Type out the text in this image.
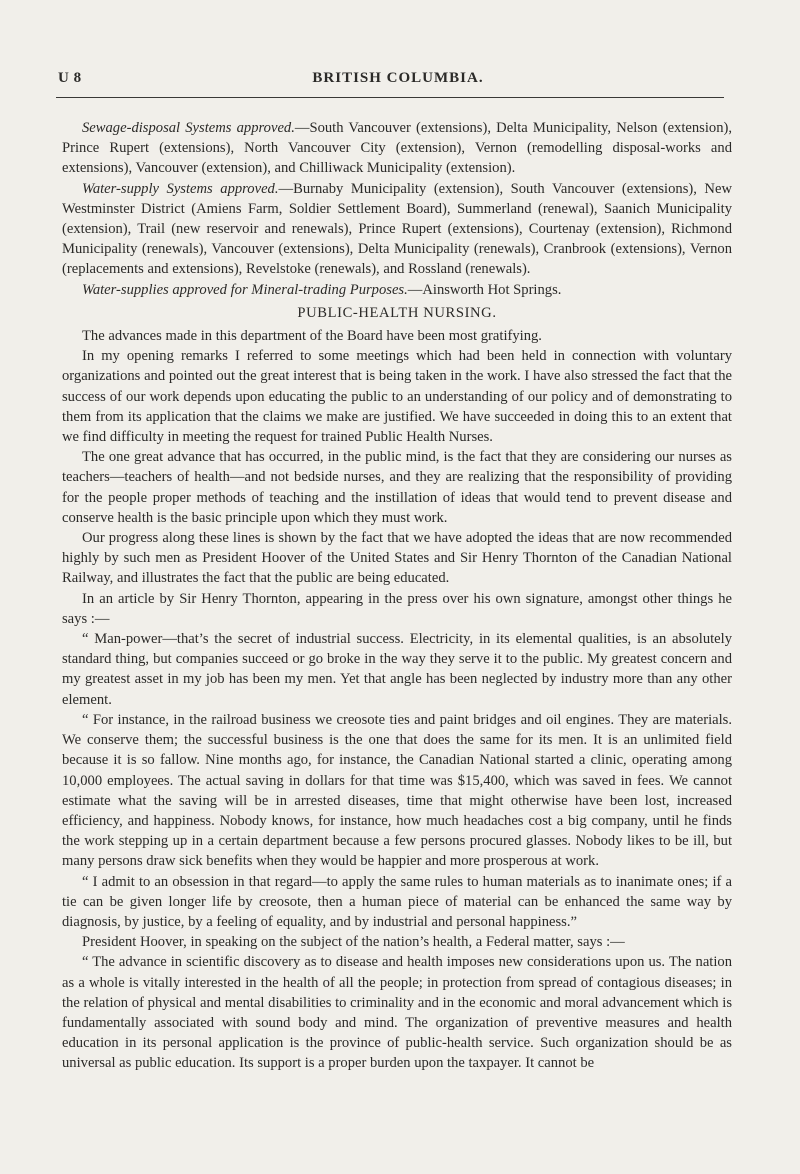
U 8	BRITISH COLUMBIA.

Sewage-disposal Systems approved.—South Vancouver (extensions), Delta Municipality, Nelson (extension), Prince Rupert (extensions), North Vancouver City (extension), Vernon (remodelling disposal-works and extensions), Vancouver (extension), and Chilliwack Municipality (extension).

Water-supply Systems approved.—Burnaby Municipality (extension), South Vancouver (extensions), New Westminster District (Amiens Farm, Soldier Settlement Board), Summerland (renewal), Saanich Municipality (extension), Trail (new reservoir and renewals), Prince Rupert (extensions), Courtenay (extension), Richmond Municipality (renewals), Vancouver (extensions), Delta Municipality (renewals), Cranbrook (extensions), Vernon (replacements and extensions), Revelstoke (renewals), and Rossland (renewals).

Water-supplies approved for Mineral-trading Purposes.—Ainsworth Hot Springs.

PUBLIC-HEALTH NURSING.

The advances made in this department of the Board have been most gratifying.

In my opening remarks I referred to some meetings which had been held in connection with voluntary organizations and pointed out the great interest that is being taken in the work. I have also stressed the fact that the success of our work depends upon educating the public to an understanding of our policy and of demonstrating to them from its application that the claims we make are justified. We have succeeded in doing this to an extent that we find difficulty in meeting the request for trained Public Health Nurses.

The one great advance that has occurred, in the public mind, is the fact that they are considering our nurses as teachers—teachers of health—and not bedside nurses, and they are realizing that the responsibility of providing for the people proper methods of teaching and the instillation of ideas that would tend to prevent disease and conserve health is the basic principle upon which they must work.

Our progress along these lines is shown by the fact that we have adopted the ideas that are now recommended highly by such men as President Hoover of the United States and Sir Henry Thornton of the Canadian National Railway, and illustrates the fact that the public are being educated.

In an article by Sir Henry Thornton, appearing in the press over his own signature, amongst other things he says :—

“ Man-power—that’s the secret of industrial success. Electricity, in its elemental qualities, is an absolutely standard thing, but companies succeed or go broke in the way they serve it to the public. My greatest concern and my greatest asset in my job has been my men. Yet that angle has been neglected by industry more than any other element.

“ For instance, in the railroad business we creosote ties and paint bridges and oil engines. They are materials. We conserve them; the successful business is the one that does the same for its men. It is an unlimited field because it is so fallow. Nine months ago, for instance, the Canadian National started a clinic, operating among 10,000 employees. The actual saving in dollars for that time was $15,400, which was saved in fees. We cannot estimate what the saving will be in arrested diseases, time that might otherwise have been lost, increased efficiency, and happiness. Nobody knows, for instance, how much headaches cost a big company, until he finds the work stepping up in a certain department because a few persons procured glasses. Nobody likes to be ill, but many persons draw sick benefits when they would be happier and more prosperous at work.

“ I admit to an obsession in that regard—to apply the same rules to human materials as to inanimate ones; if a tie can be given longer life by creosote, then a human piece of material can be enhanced the same way by diagnosis, by justice, by a feeling of equality, and by industrial and personal happiness.”

President Hoover, in speaking on the subject of the nation’s health, a Federal matter, says :—

“ The advance in scientific discovery as to disease and health imposes new considerations upon us. The nation as a whole is vitally interested in the health of all the people; in protection from spread of contagious diseases; in the relation of physical and mental disabilities to criminality and in the economic and moral advancement which is fundamentally associated with sound body and mind. The organization of preventive measures and health education in its personal application is the province of public-health service. Such organization should be as universal as public education. Its support is a proper burden upon the taxpayer. It cannot be
